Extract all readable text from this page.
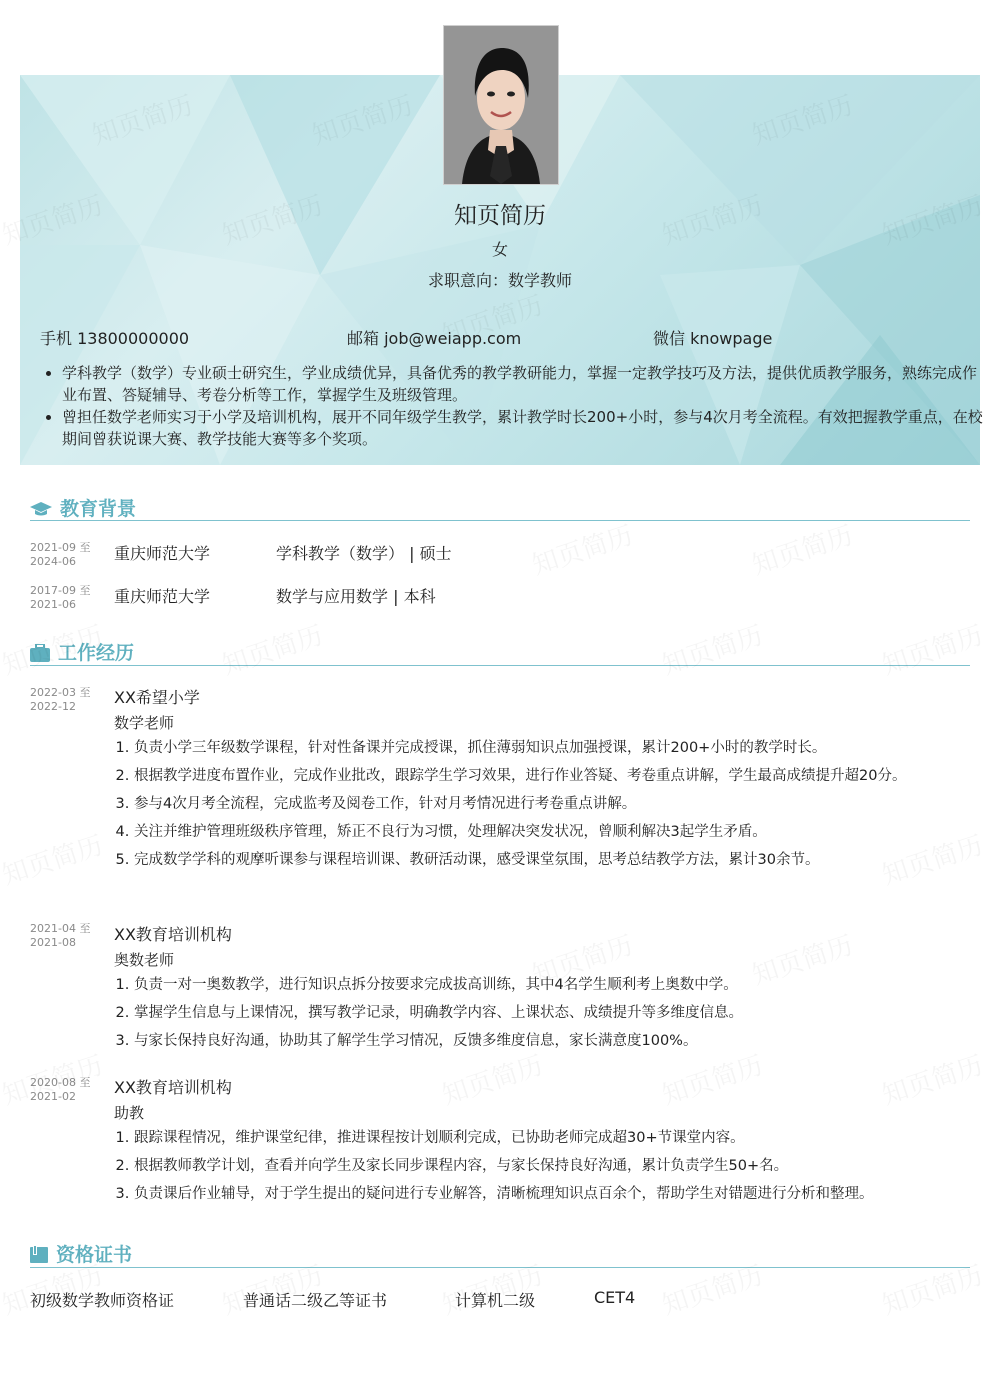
知页简历
女
求职意向：数学教师
手机 13800000000	邮箱 job@weiapp.com	微信 knowpage
• 学科教学（数学）专业硕士研究生，学业成绩优异，具备优秀的教学教研能力，掌握一定教学技巧及方法，提供优质教学服务，熟练完成作业布置、答疑辅导、考卷分析等工作，掌握学生及班级管理。
• 曾担任数学老师实习于小学及培训机构，展开不同年级学生教学，累计教学时长200+小时，参与4次月考全流程。有效把握教学重点，在校期间曾获说课大赛、教学技能大赛等多个奖项。
教育背景
2021-09 至
2024-06	重庆师范大学	学科教学（数学） | 硕士
2017-09 至
2021-06	重庆师范大学	数学与应用数学 | 本科
工作经历
2022-03 至
2022-12	XX希望小学
数学老师
1. 负责小学三年级数学课程，针对性备课并完成授课，抓住薄弱知识点加强授课，累计200+小时的教学时长。
2. 根据教学进度布置作业，完成作业批改，跟踪学生学习效果，进行作业答疑、考卷重点讲解，学生最高成绩提升超20分。
3. 参与4次月考全流程，完成监考及阅卷工作，针对月考情况进行考卷重点讲解。
4. 关注并维护管理班级秩序管理，矫正不良行为习惯，处理解决突发状况，曾顺利解决3起学生矛盾。
5. 完成数学学科的观摩听课参与课程培训课、教研活动课，感受课堂氛围，思考总结教学方法，累计30余节。
2021-04 至
2021-08	XX教育培训机构
奥数老师
1. 负责一对一奥数教学，进行知识点拆分按要求完成拔高训练，其中4名学生顺利考上奥数中学。
2. 掌握学生信息与上课情况，撰写教学记录，明确教学内容、上课状态、成绩提升等多维度信息。
3. 与家长保持良好沟通，协助其了解学生学习情况，反馈多维度信息，家长满意度100%。
2020-08 至
2021-02	XX教育培训机构
助教
1. 跟踪课程情况，维护课堂纪律，推进课程按计划顺利完成，已协助老师完成超30+节课堂内容。
2. 根据教师教学计划，查看并向学生及家长同步课程内容，与家长保持良好沟通，累计负责学生50+名。
3. 负责课后作业辅导，对于学生提出的疑问进行专业解答，清晰梳理知识点百余个，帮助学生对错题进行分析和整理。
资格证书
初级数学教师资格证	普通话二级乙等证书	计算机二级	CET4
